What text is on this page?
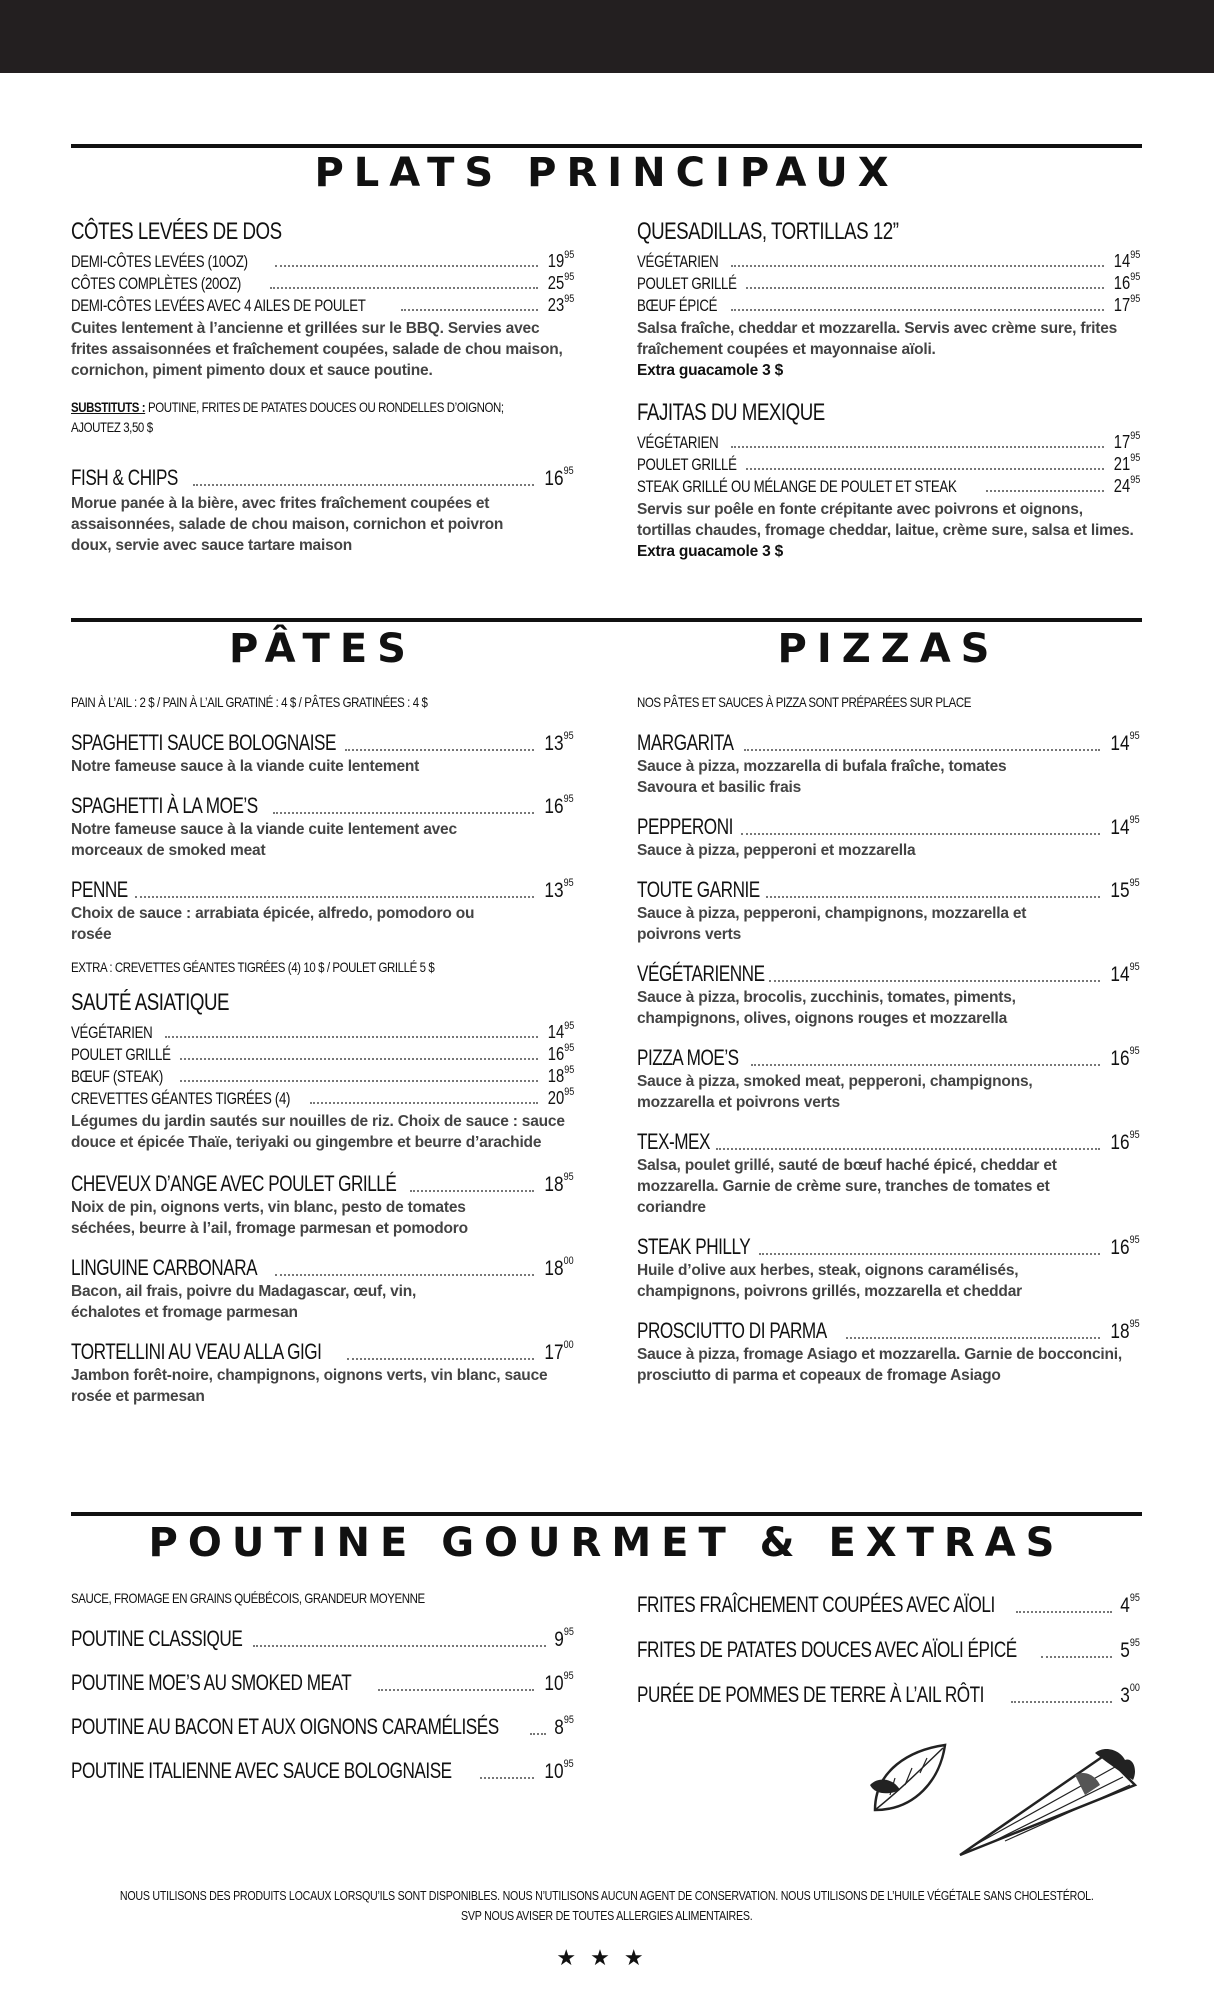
PLATS PRINCIPAUX
CÔTES LEVÉES DE DOS
DEMI-CÔTES LEVÉES (10OZ)	$19^{95}$
CÔTES COMPLÈTES (20OZ)	$25^{95}$
DEMI-CÔTES LEVÉES AVEC 4 AILES DE POULET	$23^{95}$
Cuites lentement à l’ancienne et grillées sur le BBQ. Servies avec frites assaisonnées et fraîchement coupées, salade de chou maison, cornichon, piment pimento doux et sauce poutine.
SUBSTITUTS : POUTINE, FRITES DE PATATES DOUCES OU RONDELLES D’OIGNON;
AJOUTEZ 3,50 $
FISH & CHIPS	$16^{95}$
Morue panée à la bière, avec frites fraîchement coupées et assaisonnées, salade de chou maison, cornichon et poivron doux, servie avec sauce tartare maison
QUESADILLAS, TORTILLAS 12”
VÉGÉTARIEN	$14^{95}$
POULET GRILLÉ	$16^{95}$
BŒUF ÉPICÉ	$17^{95}$
Salsa fraîche, cheddar et mozzarella. Servis avec crème sure, frites fraîchement coupées et mayonnaise aïoli.
Extra guacamole 3 $
FAJITAS DU MEXIQUE
VÉGÉTARIEN	$17^{95}$
POULET GRILLÉ	$21^{95}$
STEAK GRILLÉ OU MÉLANGE DE POULET ET STEAK	$24^{95}$
Servis sur poêle en fonte crépitante avec poivrons et oignons, tortillas chaudes, fromage cheddar, laitue, crème sure, salsa et limes.  Extra guacamole 3 $
PÂTES	PIZZAS
PAIN À L’AIL : 2 $ / PAIN À L’AIL GRATINÉ : 4 $ / PÂTES GRATINÉES : 4 $
SPAGHETTI SAUCE BOLOGNAISE	$13^{95}$
Notre fameuse sauce à la viande cuite lentement
SPAGHETTI À LA MOE’S	$16^{95}$
Notre fameuse sauce à la viande cuite lentement avec morceaux de smoked meat
PENNE	$13^{95}$
Choix de sauce : arrabiata épicée, alfredo, pomodoro ou rosée
EXTRA : CREVETTES GÉANTES TIGRÉES (4) 10 $ / POULET GRILLÉ 5 $
SAUTÉ ASIATIQUE
VÉGÉTARIEN	$14^{95}$
POULET GRILLÉ	$16^{95}$
BŒUF (STEAK)	$18^{95}$
CREVETTES GÉANTES TIGRÉES (4)	$20^{95}$
Légumes du jardin sautés sur nouilles de riz. Choix de sauce : sauce douce et épicée Thaïe, teriyaki ou gingembre et beurre d’arachide
CHEVEUX D’ANGE AVEC POULET GRILLÉ	$18^{95}$
Noix de pin, oignons verts, vin blanc, pesto de tomates séchées, beurre à l’ail, fromage parmesan et pomodoro
LINGUINE CARBONARA	$18^{00}$
Bacon, ail frais, poivre du Madagascar, œuf, vin, échalotes et fromage parmesan
TORTELLINI AU VEAU ALLA GIGI	$17^{00}$
Jambon forêt-noire, champignons, oignons verts, vin blanc, sauce rosée et parmesan
NOS PÂTES ET SAUCES À PIZZA SONT PRÉPARÉES SUR PLACE
MARGARITA	$14^{95}$
Sauce à pizza, mozzarella di bufala fraîche, tomates Savoura et basilic frais
PEPPERONI	$14^{95}$
Sauce à pizza, pepperoni et mozzarella
TOUTE GARNIE	$15^{95}$
Sauce à pizza, pepperoni, champignons, mozzarella et poivrons verts
VÉGÉTARIENNE	$14^{95}$
Sauce à pizza, brocolis, zucchinis, tomates, piments, champignons, olives, oignons rouges et mozzarella
PIZZA MOE’S	$16^{95}$
Sauce à pizza, smoked meat, pepperoni, champignons, mozzarella et poivrons verts
TEX-MEX	$16^{95}$
Salsa, poulet grillé, sauté de bœuf haché épicé, cheddar et mozzarella. Garnie de crème sure, tranches de tomates et coriandre
STEAK PHILLY	$16^{95}$
Huile d’olive aux herbes, steak, oignons caramélisés, champignons, poivrons grillés, mozzarella et cheddar
PROSCIUTTO DI PARMA	$18^{95}$
Sauce à pizza, fromage Asiago et mozzarella. Garnie de bocconcini, prosciutto di parma et copeaux de fromage Asiago
POUTINE GOURMET & EXTRAS
SAUCE, FROMAGE EN GRAINS QUÉBÉCOIS, GRANDEUR MOYENNE
POUTINE CLASSIQUE	$9^{95}$
POUTINE MOE’S AU SMOKED MEAT	$10^{95}$
POUTINE AU BACON ET AUX OIGNONS CARAMÉLISÉS	$8^{95}$
POUTINE ITALIENNE AVEC SAUCE BOLOGNAISE	$10^{95}$
FRITES FRAÎCHEMENT COUPÉES AVEC AÏOLI	$4^{95}$
FRITES DE PATATES DOUCES AVEC AÏOLI ÉPICÉ	$5^{95}$
PURÉE DE POMMES DE TERRE À L’AIL RÔTI	$3^{00}$
NOUS UTILISONS DES PRODUITS LOCAUX LORSQU’ILS SONT DISPONIBLES. NOUS N’UTILISONS AUCUN AGENT DE CONSERVATION. NOUS UTILISONS DE L’HUILE VÉGÉTALE SANS CHOLESTÉROL.
SVP NOUS AVISER DE TOUTES ALLERGIES ALIMENTAIRES.
★★★
